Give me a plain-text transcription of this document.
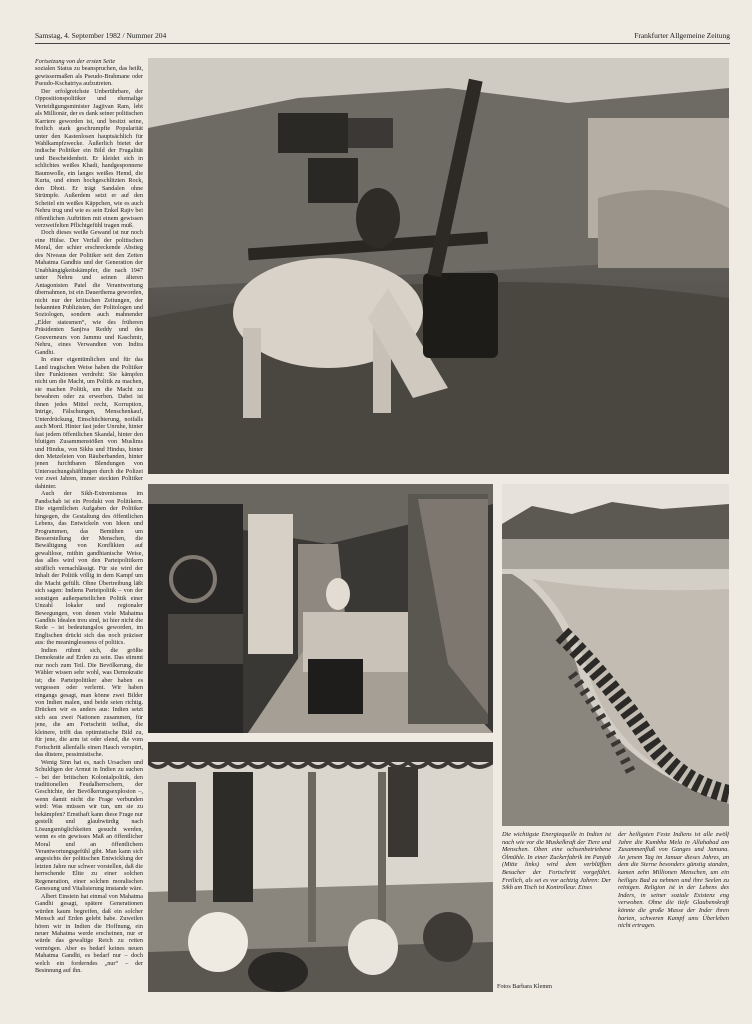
Samstag, 4. September 1982 / Nummer 204	Frankfurter Allgemeine Zeitung

Fortsetzung von der ersten Seite

sozialen Status zu beanspruchen, das heißt, gewissermaßen als Pseudo-Brahmane oder Pseudo-Kschatriya aufzutreten.

Der erfolgreichste Unberührbare, der Oppositionspolitiker und ehemalige Verteidigungsminister Jagjivan Ram, lebt als Millionär, der es dank seiner politischen Karriere geworden ist, und besitzt seine, freilich stark geschrumpfte Popularität unter den Kastenlosen hauptsächlich für Wahlkampfzwecke. Äußerlich bietet der indische Politiker ein Bild der Frugalität und Bescheidenheit. Er kleidet sich in schlichtes weißes Khadi, handgesponnene Baumwolle, ein langes weißes Hemd, die Kurta, und einen hochgeschlitzten Rock, den Dhoti. Er trägt Sandalen ohne Strümpfe. Außerdem setzt er auf den Scheitel ein weißes Käppchen, wie es auch Nehru trug und wie es sein Enkel Rajiv bei öffentlichen Auftritten mit einem gewissen verzweifelten Pflichtgefühl tragen muß.

Doch dieses weiße Gewand ist nur noch eine Hülse. Der Verfall der politischen Moral, der schier erschreckende Abstieg des Niveaus der Politiker seit den Zeiten Mahatma Gandhis und der Generation der Unabhängigkeitskämpfer, die nach 1947 unter Nehru und seinen älteren Antagonisten Patel die Verantwortung übernahmen, ist ein Dauerthema geworden, nicht nur der kritischen Zeitungen, der bekannten Publizisten, der Politologen und Soziologen, sondern auch mahnender „Elder statesmen“, wie des früheren Präsidenten Sanjiva Reddy und des Gouverneurs von Jammu und Kaschmir, Nehru, eines Verwandten von Indira Gandhi.

In einer eigentümlichen und für das Land tragischen Weise haben die Politiker ihre Funktionen verdreht: Sie kämpfen nicht um die Macht, um Politik zu machen, sie machen Politik, um die Macht zu bewahren oder zu erwerben. Dabei ist ihnen jedes Mittel recht, Korruption, Intrige, Fälschungen, Menschenkauf, Unterdrückung, Einschüchterung, notfalls auch Mord. Hinter fast jeder Unruhe, hinter fast jedem öffentlichen Skandal, hinter den blutigen Zusammenstößen von Muslims und Hindus, von Sikhs und Hindus, hinter den Metzeleien von Räuberbanden, hinter jenen furchtbaren Blendungen von Untersuchungshäftlingen durch die Polizei vor zwei Jahren, immer steckten Politiker dahinter.

Auch der Sikh-Extremismus im Pandschab ist ein Produkt von Politikern. Die eigentlichen Aufgaben der Politiker hingegen, die Gestaltung des öffentlichen Lebens, das Entwickeln von Ideen und Programmen, das Bemühen um Besserstellung der Menschen, die Bewältigung von Konflikten auf gewaltlose, mithin gandhianische Weise, das alles wird von den Parteipolitikern sträflich vernachlässigt. Für sie wird der Inhalt der Politik völlig in dem Kampf um die Macht gefüllt. Ohne Übertreibung läßt sich sagen: Indiens Parteipolitik – von der sonstigen außerparteilichen Politik einer Unzahl lokaler und regionaler Bewegungen, von denen viele Mahatma Gandhis Idealen treu sind, ist hier nicht die Rede – ist bedeutungslos geworden, im Englischen drückt sich das noch präziser aus: the meaninglessness of politics.

Indien rühmt sich, die größte Demokratie auf Erden zu sein. Das stimmt nur noch zum Teil. Die Bevölkerung, die Wähler wissen sehr wohl, was Demokratie ist; die Parteipolitiker aber haben es vergessen oder verlernt. Wir haben eingangs gesagt, man könne zwei Bilder von Indien malen, und beide seien richtig. Drücken wir es anders aus: Indien setzt sich aus zwei Nationen zusammen, für jene, die am Fortschritt teilhat, die kleinere, trifft das optimistische Bild zu, für jene, die arm ist oder elend, die vom Fortschritt allenfalls einen Hauch verspürt, das düstere, pessimistische.

Wenig Sinn hat es, nach Ursachen und Schuldigen der Armut in Indien zu suchen – bei der britischen Kolonialpolitik, den traditionellen Feudalherrschern, der Geschichte, der Bevölkerungsexplosion –, wenn damit nicht die Frage verbunden wird: Was müssen wir tun, um sie zu bekämpfen? Ernsthaft kann diese Frage nur gestellt und glaubwürdig nach Lösungsmöglichkeiten gesucht werden, wenn es ein gewisses Maß an öffentlicher Moral und an öffentlichem Verantwortungsgefühl gibt. Man kann sich angesichts der politischen Entwicklung der letzten Jahre nur schwer vorstellen, daß die herrschende Elite zu einer solchen Regeneration, einer solchen moralischen Genesung und Vitalisierung imstande wäre.

Albert Einstein hat einmal von Mahatma Gandhi gesagt, spätere Generationen würden kaum begreifen, daß ein solcher Mensch auf Erden gelebt habe. Zuweilen hören wir in Indien die Hoffnung, ein neuer Mahatma werde erscheinen, nur er würde das gewaltige Reich zu retten vermögen. Aber es bedarf keines neuen Mahatma Gandhi, es bedarf nur – doch welch ein forderndes „nur“ – der Besinnung auf ihn.

Die wichtigste Energiequelle in Indien ist nach wie vor die Muskelkraft der Tiere und Menschen. Oben eine ochsenbetriebene Ölmühle. In einer Zuckerfabrik im Panjab (Mitte links) wird dem verblüfften Besucher der Fortschritt vorgeführt. Freilich, als sei es vor achtzig Jahren: Der Sikh am Tisch ist Kontrolleur. Eines
der heiligsten Feste Indiens ist alle zwölf Jahre die Kumbha Mela in Allahabad am Zusammenfluß von Ganges und Jamuna. An jenem Tag im Januar dieses Jahres, an dem die Sterne besonders günstig standen, kamen zehn Millionen Menschen, um ein heiliges Bad zu nehmen und ihre Seelen zu reinigen. Religion ist in der Lebens des Inders, in seiner soziale Existenz eng verwoben. Ohne die tiefe Glaubenskraft könnte die große Masse der Inder ihren harten, schweren Kampf ums Überleben nicht ertragen.
Fotos Barbara Klemm
